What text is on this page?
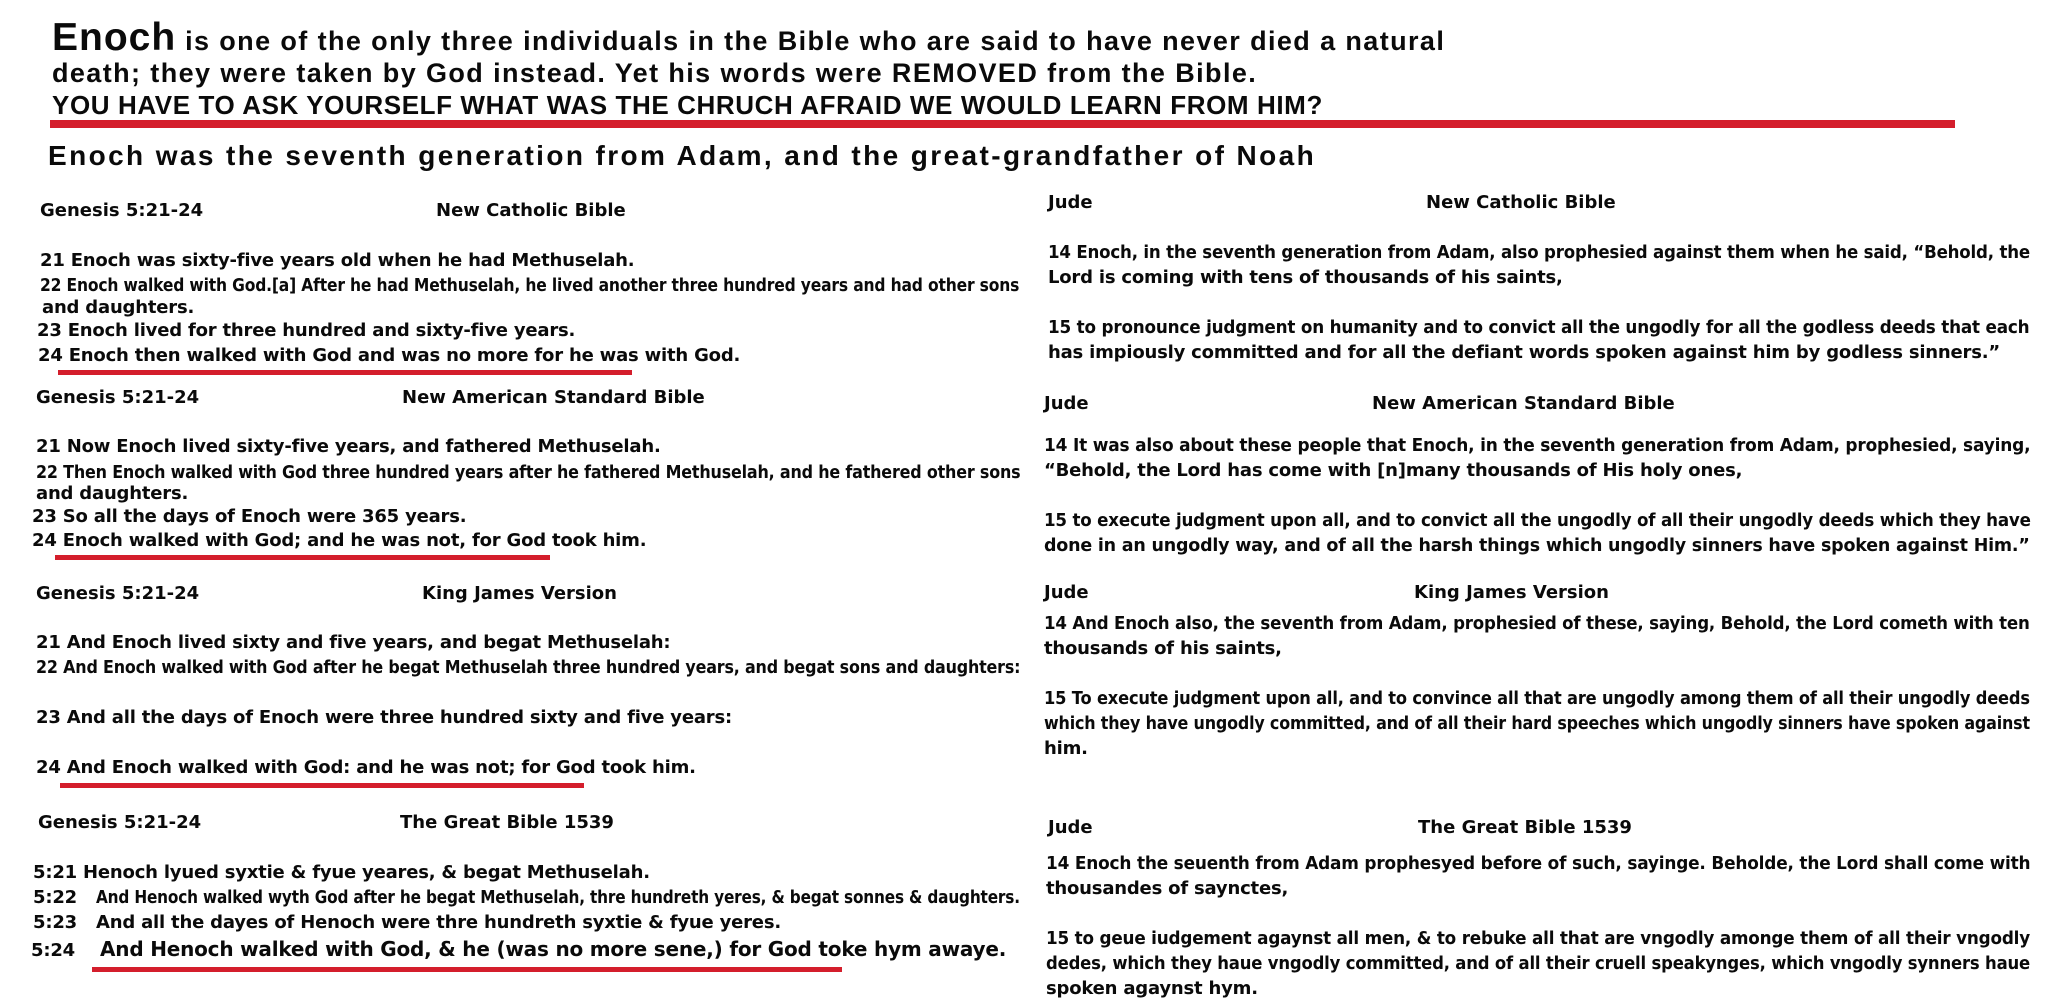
Enoch is one of the only three individuals in the Bible who are said to have never died a natural
death; they were taken by God instead. Yet his words were REMOVED from the Bible.
YOU HAVE TO ASK YOURSELF WHAT WAS THE CHRUCH AFRAID WE WOULD LEARN FROM HIM?
Enoch was the seventh generation from Adam, and the great-grandfather of Noah
Genesis 5:21-24	New Catholic Bible
21 Enoch was sixty-five years old when he had Methuselah.
22 Enoch walked with God.[a] After he had Methuselah, he lived another three hundred years and had other sons
and daughters.
23 Enoch lived for three hundred and sixty-five years.
24 Enoch then walked with God and was no more for he was with God.
Genesis 5:21-24	New American Standard Bible
21 Now Enoch lived sixty-five years, and fathered Methuselah.
22 Then Enoch walked with God three hundred years after he fathered Methuselah, and he fathered other sons
and daughters.
23 So all the days of Enoch were 365 years.
24 Enoch walked with God; and he was not, for God took him.
Genesis 5:21-24	King James Version
21 And Enoch lived sixty and five years, and begat Methuselah:
22 And Enoch walked with God after he begat Methuselah three hundred years, and begat sons and daughters:
23 And all the days of Enoch were three hundred sixty and five years:
24 And Enoch walked with God: and he was not; for God took him.
Genesis 5:21-24	The Great Bible 1539
5:21 Henoch lyued syxtie & fyue yeares, & begat Methuselah.
5:22 And Henoch walked wyth God after he begat Methuselah, thre hundreth yeres, & begat sonnes & daughters.
5:23 And all the dayes of Henoch were thre hundreth syxtie & fyue yeres.
5:24 And Henoch walked with God, & he (was no more sene,) for God toke hym awaye.
Jude	New Catholic Bible
14 Enoch, in the seventh generation from Adam, also prophesied against them when he said, “Behold, the
Lord is coming with tens of thousands of his saints,
15 to pronounce judgment on humanity and to convict all the ungodly for all the godless deeds that each
has impiously committed and for all the defiant words spoken against him by godless sinners.”
Jude	New American Standard Bible
14 It was also about these people that Enoch, in the seventh generation from Adam, prophesied, saying,
“Behold, the Lord has come with [n]many thousands of His holy ones,
15 to execute judgment upon all, and to convict all the ungodly of all their ungodly deeds which they have
done in an ungodly way, and of all the harsh things which ungodly sinners have spoken against Him.”
Jude	King James Version
14 And Enoch also, the seventh from Adam, prophesied of these, saying, Behold, the Lord cometh with ten
thousands of his saints,
15 To execute judgment upon all, and to convince all that are ungodly among them of all their ungodly deeds
which they have ungodly committed, and of all their hard speeches which ungodly sinners have spoken against
him.
Jude	The Great Bible 1539
14 Enoch the seuenth from Adam prophesyed before of such, sayinge. Beholde, the Lord shall come with
thousandes of saynctes,
15 to geue iudgement agaynst all men, & to rebuke all that are vngodly amonge them of all their vngodly
dedes, which they haue vngodly committed, and of all their cruell speakynges, which vngodly synners haue
spoken agaynst hym.
